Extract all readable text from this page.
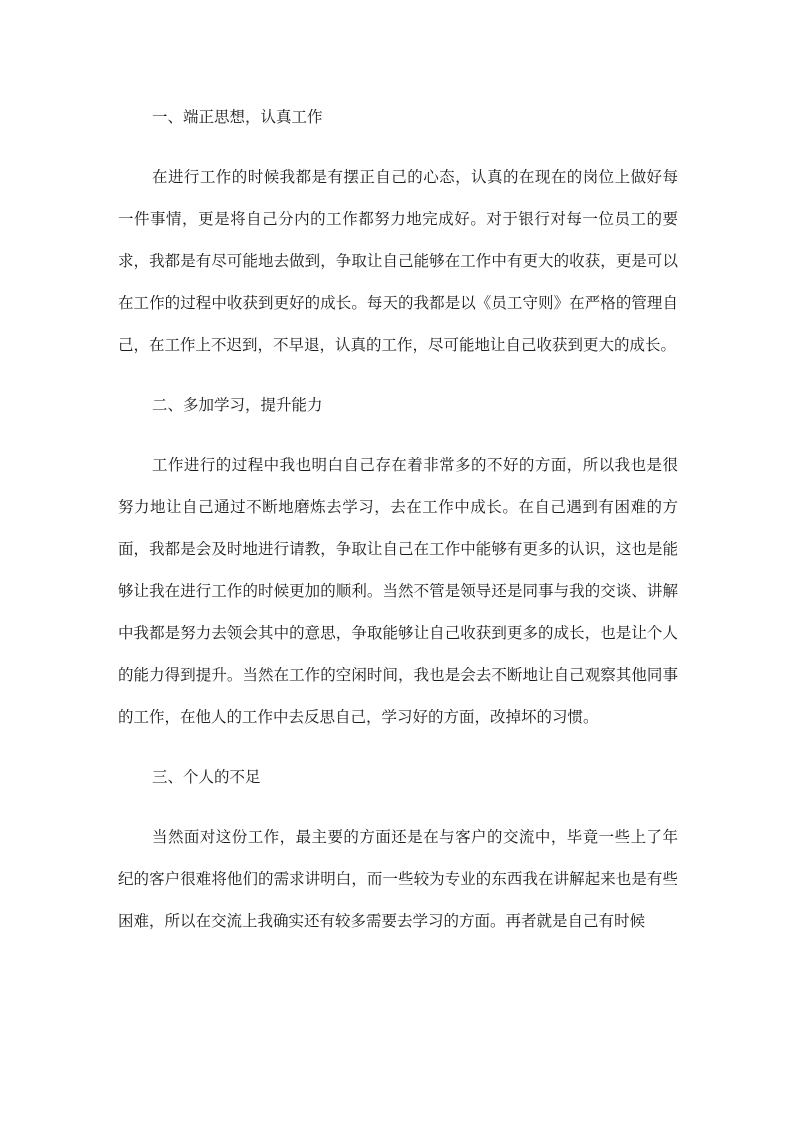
一、端正思想，认真工作
在进行工作的时候我都是有摆正自己的心态，认真的在现在的岗位上做好每一件事情，更是将自己分内的工作都努力地完成好。对于银行对每一位员工的要求，我都是有尽可能地去做到，争取让自己能够在工作中有更大的收获，更是可以在工作的过程中收获到更好的成长。每天的我都是以《员工守则》在严格的管理自己，在工作上不迟到，不早退，认真的工作，尽可能地让自己收获到更大的成长。
二、多加学习，提升能力
工作进行的过程中我也明白自己存在着非常多的不好的方面，所以我也是很努力地让自己通过不断地磨炼去学习，去在工作中成长。在自己遇到有困难的方面，我都是会及时地进行请教，争取让自己在工作中能够有更多的认识，这也是能够让我在进行工作的时候更加的顺利。当然不管是领导还是同事与我的交谈、讲解中我都是努力去领会其中的意思，争取能够让自己收获到更多的成长，也是让个人的能力得到提升。当然在工作的空闲时间，我也是会去不断地让自己观察其他同事的工作，在他人的工作中去反思自己，学习好的方面，改掉坏的习惯。
三、个人的不足
当然面对这份工作，最主要的方面还是在与客户的交流中，毕竟一些上了年纪的客户很难将他们的需求讲明白，而一些较为专业的东西我在讲解起来也是有些困难，所以在交流上我确实还有较多需要去学习的方面。再者就是自己有时候
